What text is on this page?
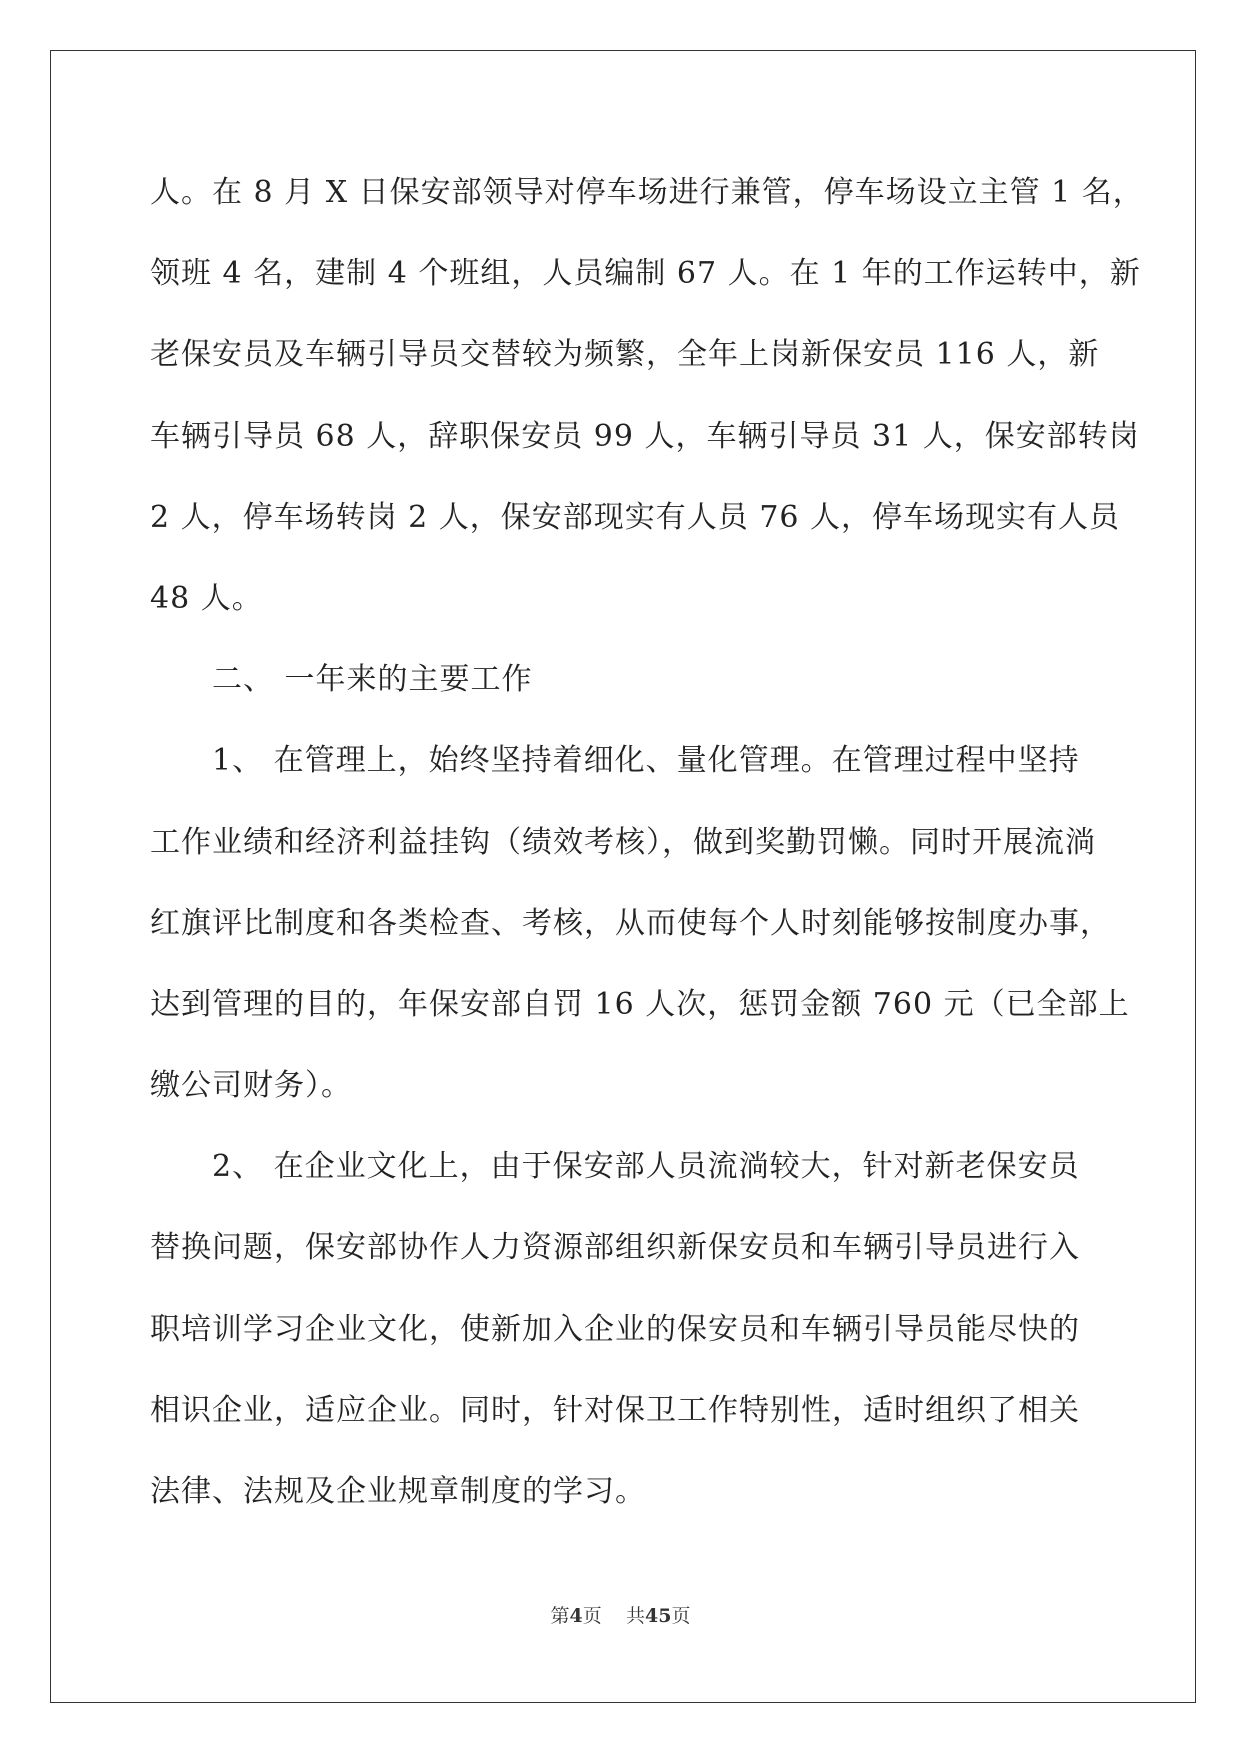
人。在 8 月 X 日保安部领导对停车场进行兼管，停车场设立主管 1 名，
领班 4 名，建制 4 个班组，人员编制 67 人。在 1 年的工作运转中，新
老保安员及车辆引导员交替较为频繁，全年上岗新保安员 116 人，新
车辆引导员 68 人，辞职保安员 99 人，车辆引导员 31 人，保安部转岗
2 人，停车场转岗 2 人，保安部现实有人员 76 人，停车场现实有人员
48 人。
二、 一年来的主要工作
1、 在管理上，始终坚持着细化、量化管理。在管理过程中坚持
工作业绩和经济利益挂钩（绩效考核），做到奖勤罚懒。同时开展流淌
红旗评比制度和各类检查、考核，从而使每个人时刻能够按制度办事，
达到管理的目的，年保安部自罚 16 人次，惩罚金额 760 元（已全部上
缴公司财务）。
2、 在企业文化上，由于保安部人员流淌较大，针对新老保安员
替换问题，保安部协作人力资源部组织新保安员和车辆引导员进行入
职培训学习企业文化，使新加入企业的保安员和车辆引导员能尽快的
相识企业，适应企业。同时，针对保卫工作特别性，适时组织了相关
法律、法规及企业规章制度的学习。
第4页 共45页
